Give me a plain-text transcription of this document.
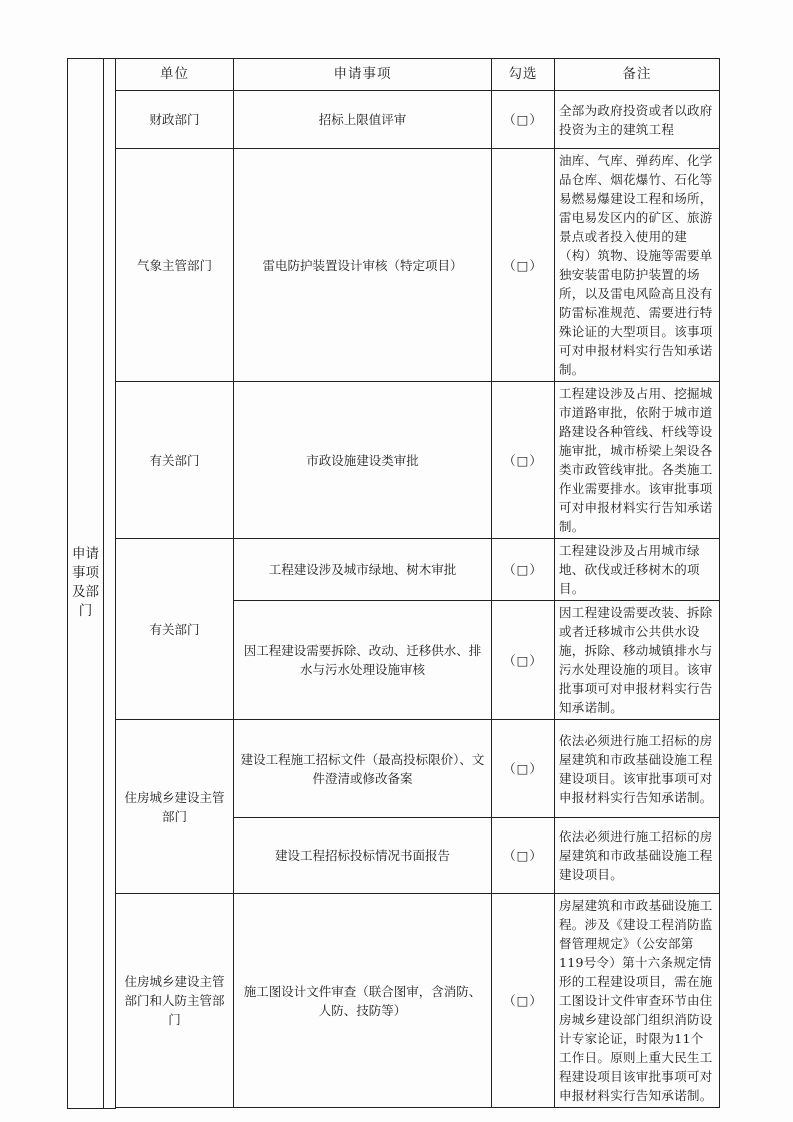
申请事项及部门		单位	申请事项	勾选	备注
		财政部门	招标上限值评审	（□）	全部为政府投资或者以政府投资为主的建筑工程
		气象主管部门	雷电防护装置设计审核（特定项目）	（□）	油库、气库、弹药库、化学品仓库、烟花爆竹、石化等易燃易爆建设工程和场所，雷电易发区内的矿区、旅游景点或者投入使用的建（构）筑物、设施等需要单独安装雷电防护装置的场所，以及雷电风险高且没有防雷标准规范、需要进行特殊论证的大型项目。该事项可对申报材料实行告知承诺制。
		有关部门	市政设施建设类审批	（□）	工程建设涉及占用、挖掘城市道路审批，依附于城市道路建设各种管线、杆线等设施审批，城市桥梁上架设各类市政管线审批。各类施工作业需要排水。该审批事项可对申报材料实行告知承诺制。
		有关部门	工程建设涉及城市绿地、树木审批	（□）	工程建设涉及占用城市绿地、砍伐或迁移树木的项目。
			因工程建设需要拆除、改动、迁移供水、排水与污水处理设施审核	（□）	因工程建设需要改装、拆除或者迁移城市公共供水设施，拆除、移动城镇排水与污水处理设施的项目。该审批事项可对申报材料实行告知承诺制。
		住房城乡建设主管部门	建设工程施工招标文件（最高投标限价）、文件澄清或修改备案	（□）	依法必须进行施工招标的房屋建筑和市政基础设施工程建设项目。该审批事项可对申报材料实行告知承诺制。
			建设工程招标投标情况书面报告	（□）	依法必须进行施工招标的房屋建筑和市政基础设施工程建设项目。
		住房城乡建设主管部门和人防主管部门	施工图设计文件审查（联合图审，含消防、人防、技防等）	（□）	房屋建筑和市政基础设施工程。涉及《建设工程消防监督管理规定》（公安部第119号令）第十六条规定情形的工程建设项目，需在施工图设计文件审查环节由住房城乡建设部门组织消防设计专家论证，时限为11个工作日。原则上重大民生工程建设项目该审批事项可对申报材料实行告知承诺制。
